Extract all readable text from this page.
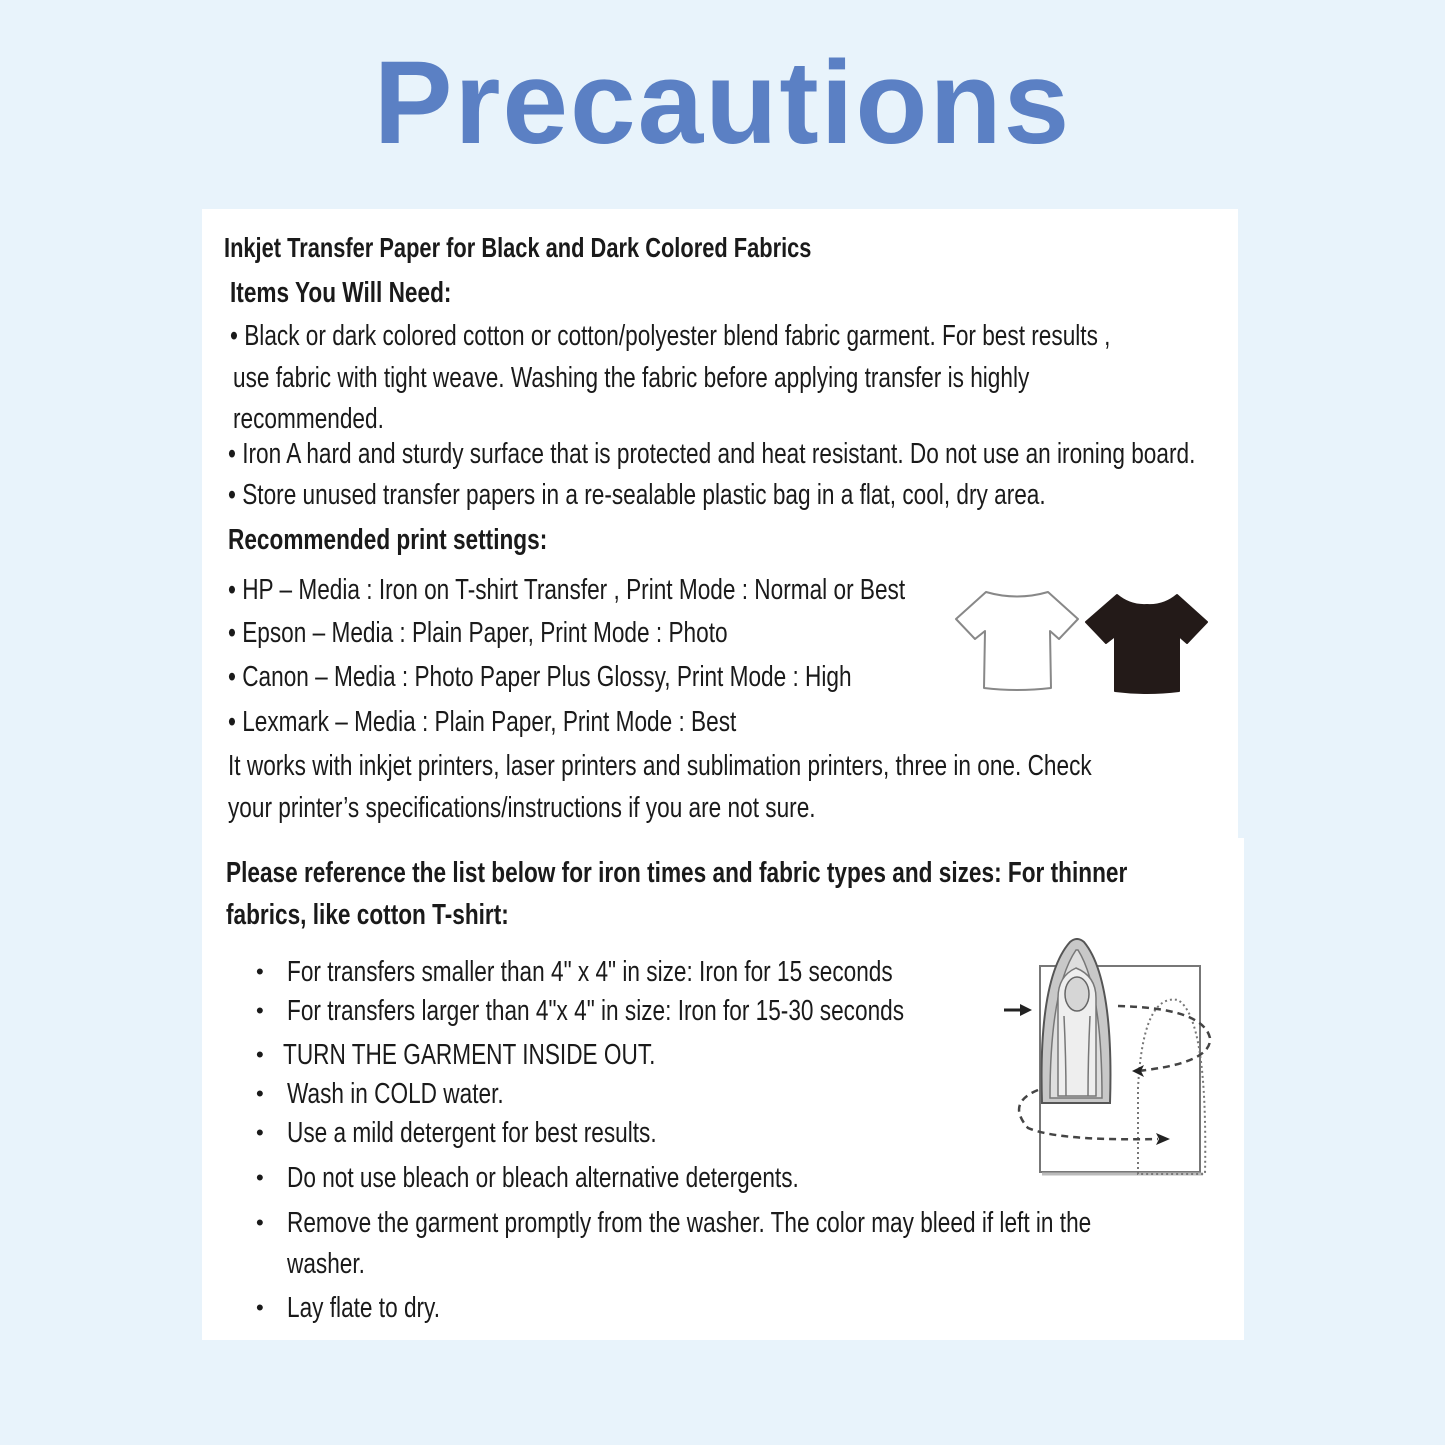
Precautions
Inkjet Transfer Paper for Black and Dark Colored Fabrics
Items You Will Need:
• Black or dark colored cotton or cotton/polyester blend fabric garment. For best results ,
use fabric with tight weave. Washing the fabric before applying transfer is highly
recommended.
• Iron A hard and sturdy surface that is protected and heat resistant. Do not use an ironing board.
• Store unused transfer papers in a re-sealable plastic bag in a flat, cool, dry area.
Recommended print settings:
• HP – Media : Iron on T-shirt Transfer , Print Mode : Normal or Best
• Epson – Media : Plain Paper, Print Mode : Photo
• Canon – Media : Photo Paper Plus Glossy, Print Mode : High
• Lexmark – Media : Plain Paper, Print Mode : Best
It works with inkjet printers, laser printers and sublimation printers, three in one. Check
your printer’s specifications/instructions if you are not sure.
Please reference the list below for iron times and fabric types and sizes: For thinner
fabrics, like cotton T-shirt:
• For transfers smaller than 4" x 4" in size: Iron for 15 seconds
• For transfers larger than 4"x 4" in size: Iron for 15-30 seconds
• TURN THE GARMENT INSIDE OUT.
• Wash in COLD water.
• Use a mild detergent for best results.
• Do not use bleach or bleach alternative detergents.
• Remove the garment promptly from the washer. The color may bleed if left in the
washer.
• Lay flate to dry.
